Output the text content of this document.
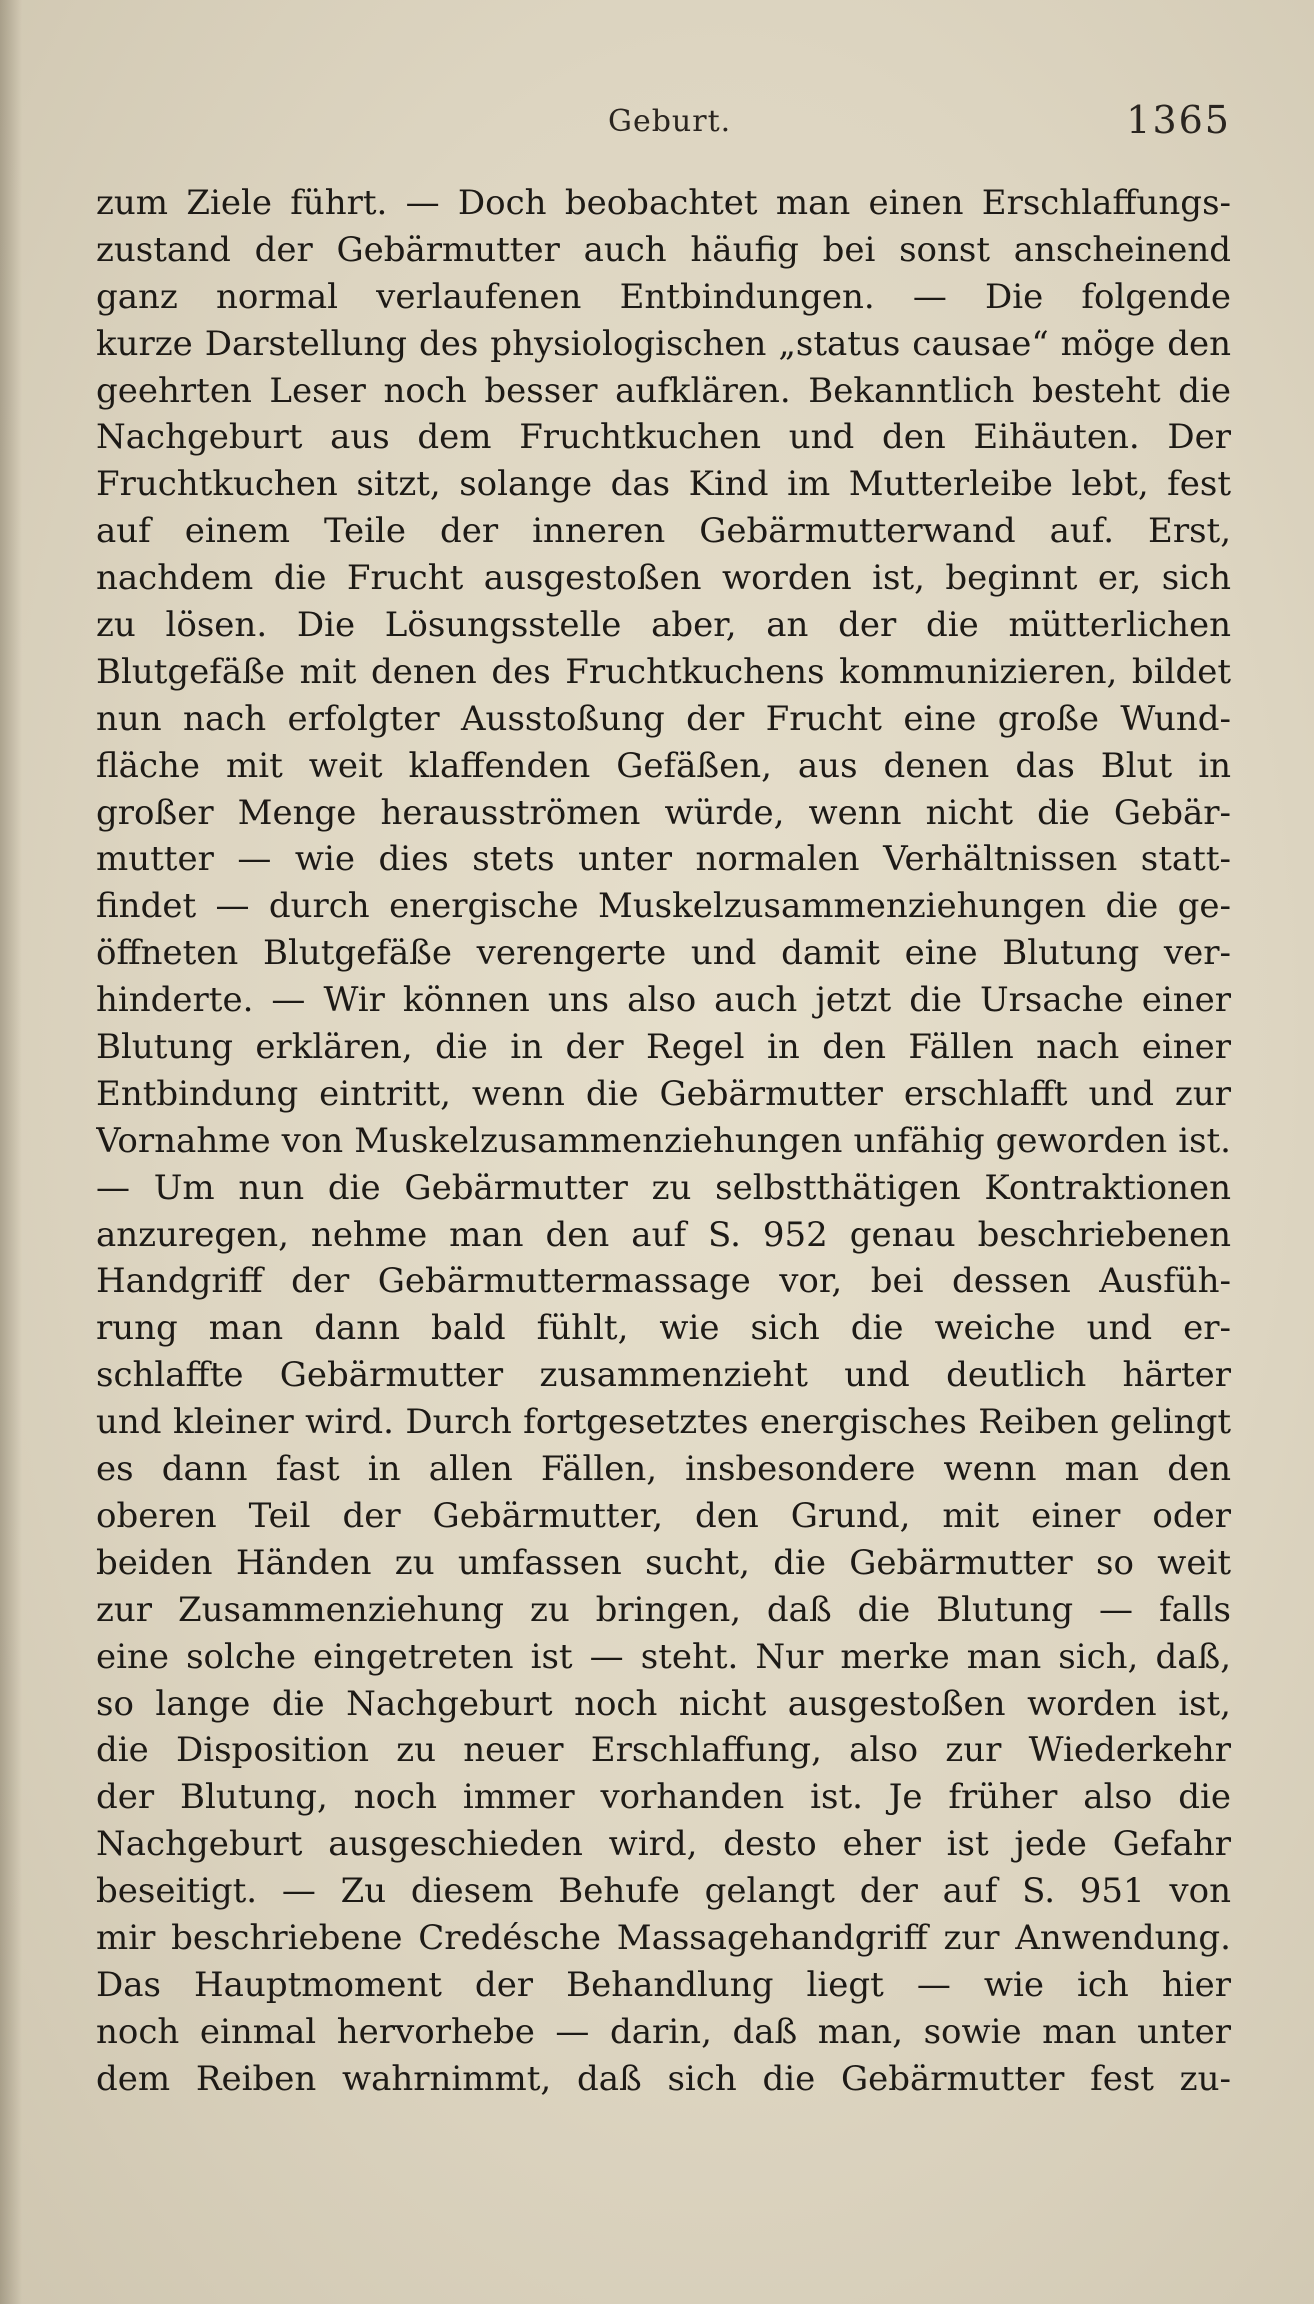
Geburt.	1365
zum Ziele führt. — Doch beobachtet man einen Erschlaffungs-
zustand der Gebärmutter auch häufig bei sonst anscheinend
ganz normal verlaufenen Entbindungen. — Die folgende
kurze Darstellung des physiologischen „status causae“ möge den
geehrten Leser noch besser aufklären. Bekanntlich besteht die
Nachgeburt aus dem Fruchtkuchen und den Eihäuten. Der
Fruchtkuchen sitzt, solange das Kind im Mutterleibe lebt, fest
auf einem Teile der inneren Gebärmutterwand auf. Erst,
nachdem die Frucht ausgestoßen worden ist, beginnt er, sich
zu lösen. Die Lösungsstelle aber, an der die mütterlichen
Blutgefäße mit denen des Fruchtkuchens kommunizieren, bildet
nun nach erfolgter Ausstoßung der Frucht eine große Wund-
fläche mit weit klaffenden Gefäßen, aus denen das Blut in
großer Menge herausströmen würde, wenn nicht die Gebär-
mutter — wie dies stets unter normalen Verhältnissen statt-
findet — durch energische Muskelzusammenziehungen die ge-
öffneten Blutgefäße verengerte und damit eine Blutung ver-
hinderte. — Wir können uns also auch jetzt die Ursache einer
Blutung erklären, die in der Regel in den Fällen nach einer
Entbindung eintritt, wenn die Gebärmutter erschlafft und zur
Vornahme von Muskelzusammenziehungen unfähig geworden ist.
— Um nun die Gebärmutter zu selbstthätigen Kontraktionen
anzuregen, nehme man den auf S. 952 genau beschriebenen
Handgriff der Gebärmuttermassage vor, bei dessen Ausfüh-
rung man dann bald fühlt, wie sich die weiche und er-
schlaffte Gebärmutter zusammenzieht und deutlich härter
und kleiner wird. Durch fortgesetztes energisches Reiben gelingt
es dann fast in allen Fällen, insbesondere wenn man den
oberen Teil der Gebärmutter, den Grund, mit einer oder
beiden Händen zu umfassen sucht, die Gebärmutter so weit
zur Zusammenziehung zu bringen, daß die Blutung — falls
eine solche eingetreten ist — steht. Nur merke man sich, daß,
so lange die Nachgeburt noch nicht ausgestoßen worden ist,
die Disposition zu neuer Erschlaffung, also zur Wiederkehr
der Blutung, noch immer vorhanden ist. Je früher also die
Nachgeburt ausgeschieden wird, desto eher ist jede Gefahr
beseitigt. — Zu diesem Behufe gelangt der auf S. 951 von
mir beschriebene Credésche Massagehandgriff zur Anwendung.
Das Hauptmoment der Behandlung liegt — wie ich hier
noch einmal hervorhebe — darin, daß man, sowie man unter
dem Reiben wahrnimmt, daß sich die Gebärmutter fest zu-
